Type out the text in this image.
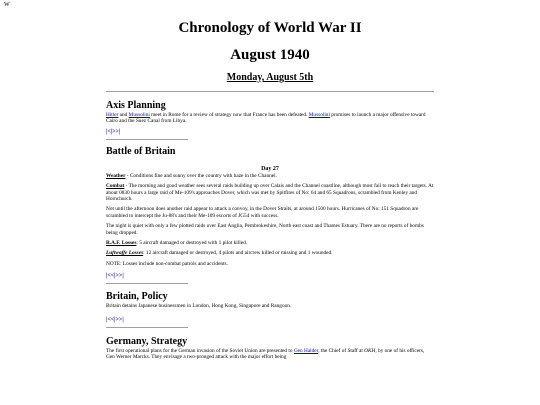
W
Chronology of World War II
August 1940
Monday, August 5th
Axis Planning

Hitler and Mussolini meet in Rome for a review of strategy now that France has been defeated. Mussolini promises to launch a major offensive toward Cairo and the Suez Canal from Libya.

|<|>>|
Battle of Britain
Day 27

Weather - Conditions fine and sunny over the country with haze in the Channel.

Combat - The morning and good weather sees several raids building up over Calais and the Channel coastline, although most fail to reach their targets. At about 0830 hours a large raid of Me-109's approaches Dover, which was met by Spitfires of No: 64 and 65 Squadrons, scrambled from Kenley and Hornchurch.

Not until the afternoon does another raid appear to attack a convoy, in the Dover Straits, at around 1500 hours. Hurricanes of No: 151 Squadron are scrambled to intercept the Ju-88's and their Me-109 escorts of JG54 with success.

The night is quiet with only a few plotted raids over East Anglia, Pembrokeshire, North east coast and Thames Estuary. There are no reports of bombs being dropped.

R.A.F. Losses: 5 aircraft damaged or destroyed with 1 pilot killed.

Luftwaffe Losses: 12 aircraft damaged or destroyed, 4 pilots and aircrew killed or missing and 1 wounded.

NOTE: Losses include non-combat patrols and accidents.

|<<|>>|
Britain, Policy

Britain detains Japanese businessmen in London, Hong Kong, Singapore and Rangoon.

|<<|>>|
Germany, Strategy

The first operational plans for the German invasion of the Soviet Union are presented to Gen Halder, the Chief of Staff at OKH, by one of his officers, Gen Werner Marcks. They envisage a two-pronged attack with the major effort being
